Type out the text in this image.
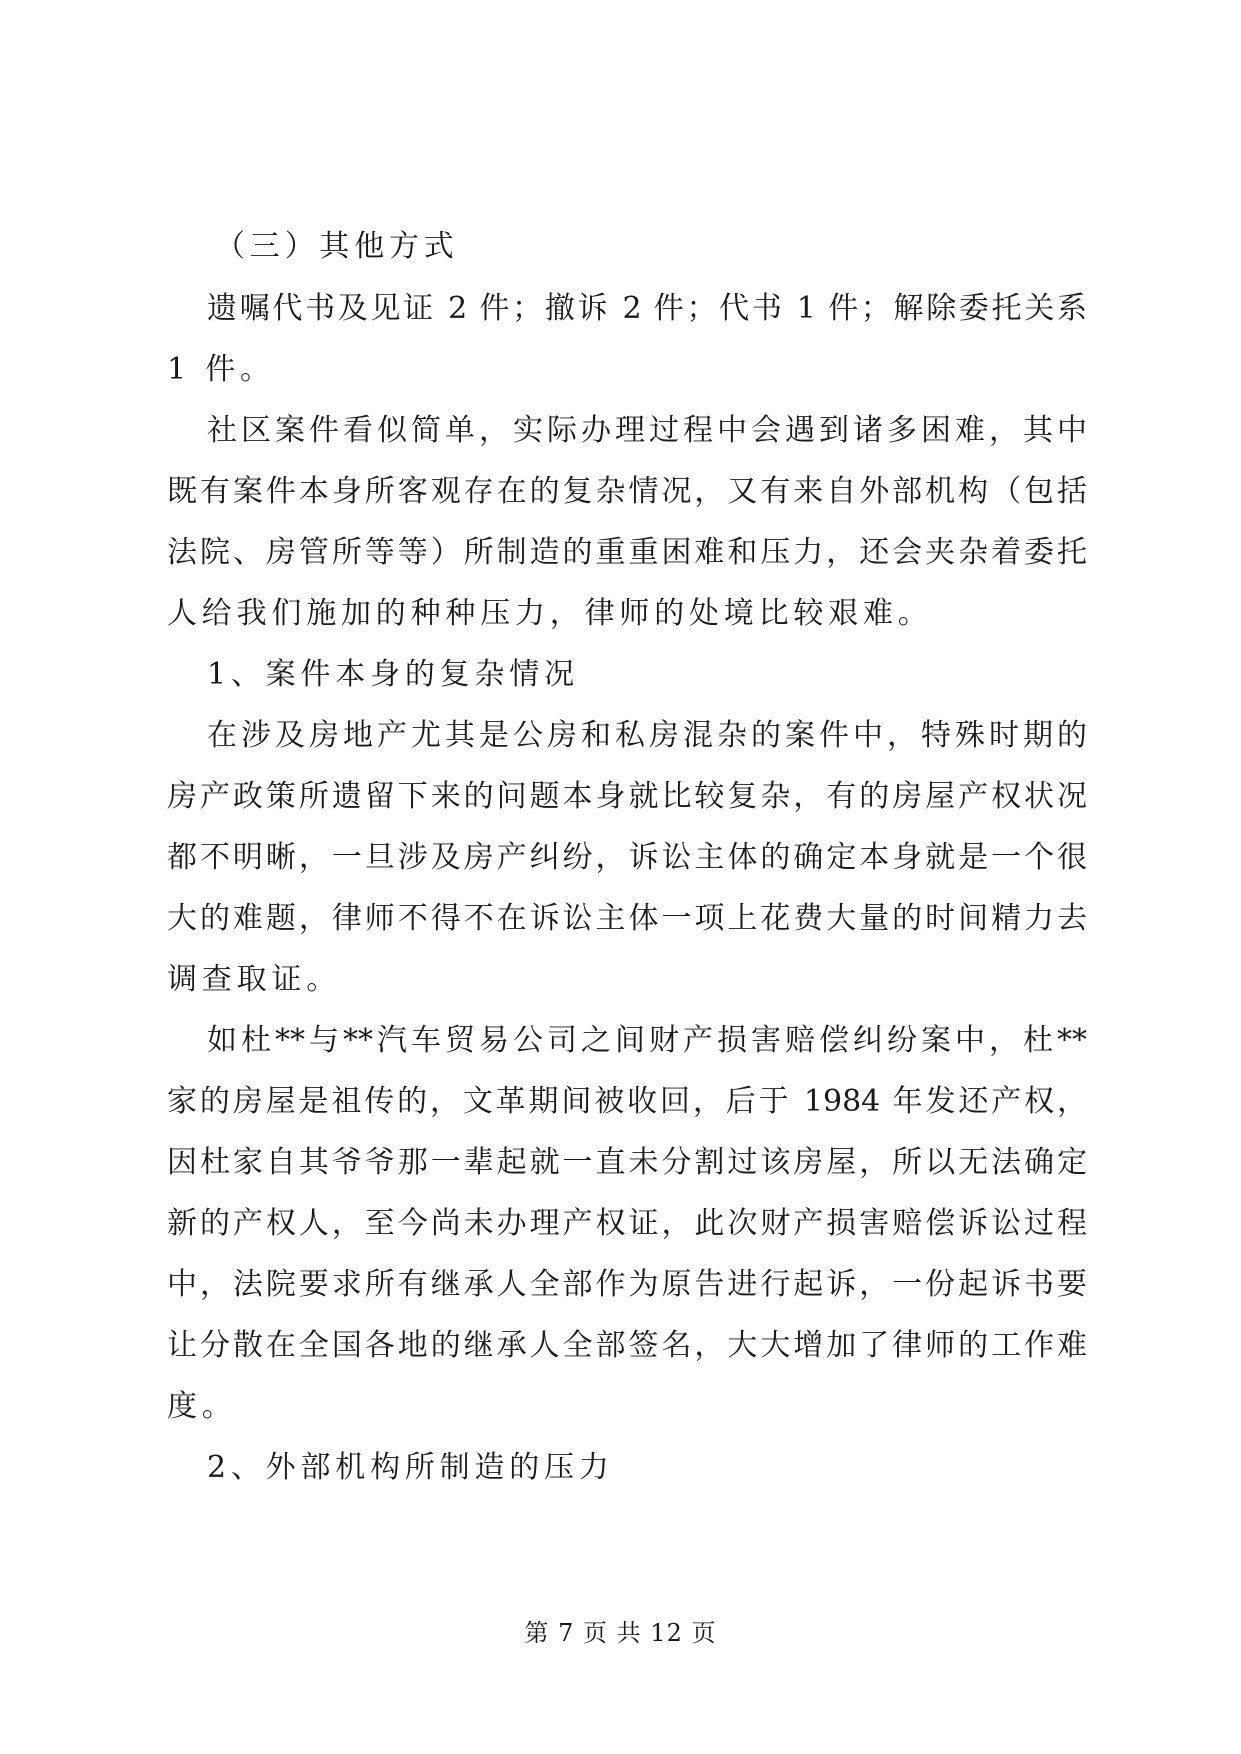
（三）其他方式
遗嘱代书及见证 2 件；撤诉 2 件；代书 1 件；解除委托关系
1 件。
社区案件看似简单，实际办理过程中会遇到诸多困难，其中
既有案件本身所客观存在的复杂情况，又有来自外部机构（包括
法院、房管所等等）所制造的重重困难和压力，还会夹杂着委托
人给我们施加的种种压力，律师的处境比较艰难。
1、案件本身的复杂情况
在涉及房地产尤其是公房和私房混杂的案件中，特殊时期的
房产政策所遗留下来的问题本身就比较复杂，有的房屋产权状况
都不明晰，一旦涉及房产纠纷，诉讼主体的确定本身就是一个很
大的难题，律师不得不在诉讼主体一项上花费大量的时间精力去
调查取证。
如杜**与**汽车贸易公司之间财产损害赔偿纠纷案中，杜**
家的房屋是祖传的，文革期间被收回，后于 1984 年发还产权，
因杜家自其爷爷那一辈起就一直未分割过该房屋，所以无法确定
新的产权人，至今尚未办理产权证，此次财产损害赔偿诉讼过程
中，法院要求所有继承人全部作为原告进行起诉，一份起诉书要
让分散在全国各地的继承人全部签名，大大增加了律师的工作难
度。
2、外部机构所制造的压力
第 7 页 共 12 页
